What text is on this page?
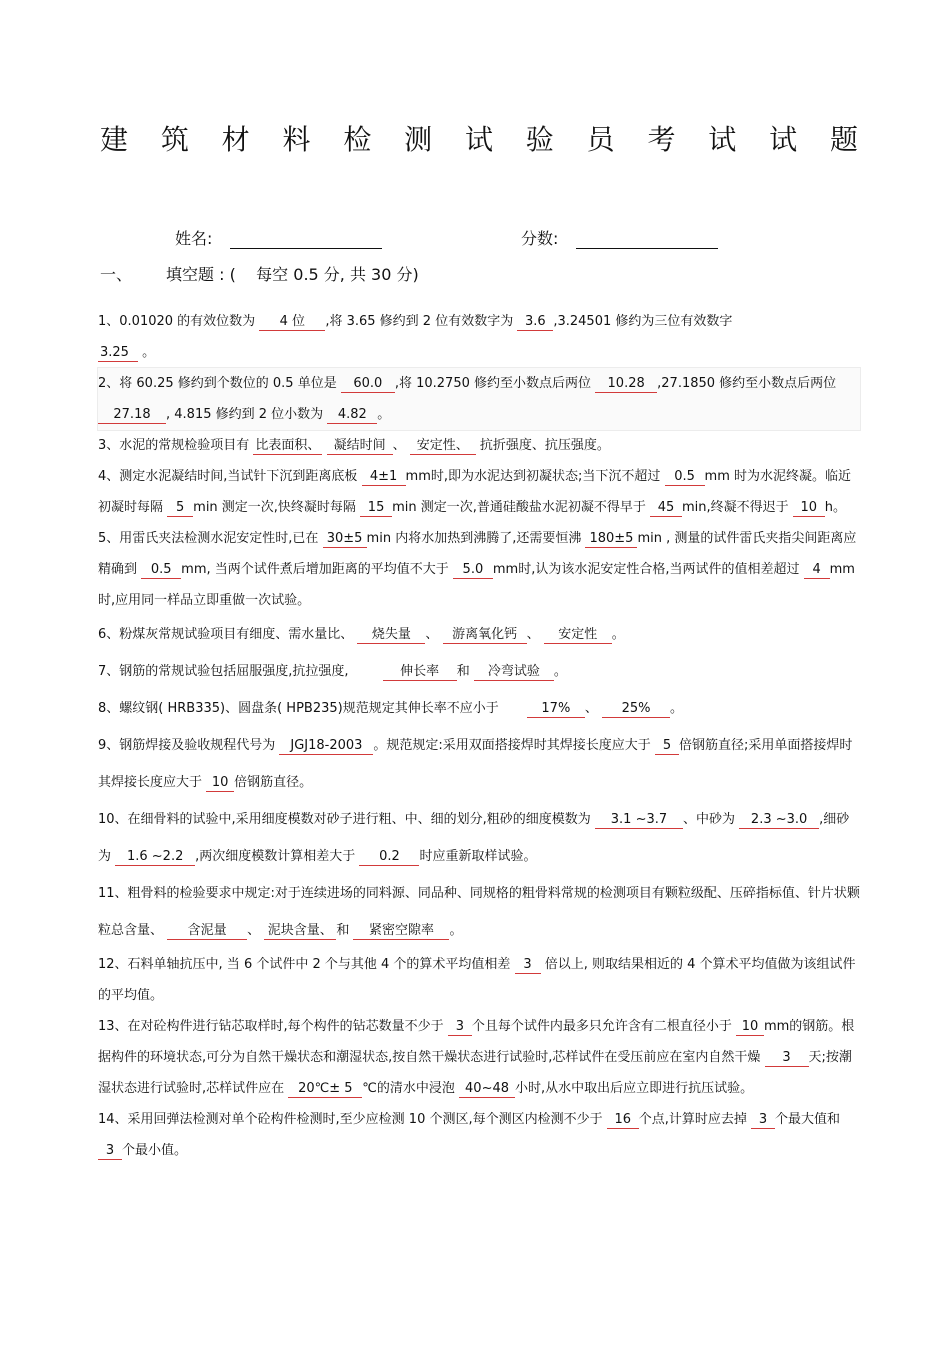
建 筑 材 料 检 测 试 验 员 考 试 试 题
姓名:	分数:
一、 填空题 : ( 每空 0.5 分, 共 30 分)

1、0.01020 的有效位数为 4 位 ,将 3.65 修约到 2 位有效数字为 3.6 ,3.24501 修约为三位有效数字
3.25 。

2、将 60.25 修约到个数位的 0.5 单位是 60.0 ,将 10.2750 修约至小数点后两位 10.28 ,27.1850 修约至小数点后两位 27.18 , 4.815 修约到 2 位小数为 4.82 。

3、水泥的常规检验项目有 比表面积、 凝结时间 、 安定性、 抗折强度、抗压强度。

4、测定水泥凝结时间,当试针下沉到距离底板 4±1 mm时,即为水泥达到初凝状态;当下沉不超过 0.5 mm 时为水泥终凝。临近初凝时每隔 5 min 测定一次,快终凝时每隔 15 min 测定一次,普通硅酸盐水泥初凝不得早于 45 min,终凝不得迟于 10 h。

5、用雷氏夹法检测水泥安定性时,已在 30±5 min 内将水加热到沸腾了,还需要恒沸 180±5 min , 测量的试件雷氏夹指尖间距离应精确到 0.5 mm, 当两个试件煮后增加距离的平均值不大于 5.0 mm时,认为该水泥安定性合格,当两试件的值相差超过 4 mm时,应用同一样品立即重做一次试验。

6、粉煤灰常规试验项目有细度、需水量比、 烧失量 、 游离氧化钙 、 安定性 。

7、钢筋的常规试验包括屈服强度,抗拉强度,	伸长率 和 冷弯试验 。

8、螺纹钢( HRB335)、圆盘条( HPB235)规范规定其伸长率不应小于	17% 、 25% 。

9、钢筋焊接及验收规程代号为 JGJ18-2003 。规范规定:采用双面搭接焊时其焊接长度应大于 5 倍钢筋直径;采用单面搭接焊时其焊接长度应大于 10 倍钢筋直径。

10、在细骨料的试验中,采用细度模数对砂子进行粗、中、细的划分,粗砂的细度模数为 3.1 ~3.7 、中砂为 2.3 ~3.0 ,细砂为 1.6 ~2.2 ,两次细度模数计算相差大于 0.2 时应重新取样试验。

11、粗骨料的检验要求中规定:对于连续进场的同料源、同品种、同规格的粗骨料常规的检测项目有颗粒级配、压碎指标值、针片状颗粒总含量、 含泥量 、 泥块含量、 和 紧密空隙率 。

12、石料单轴抗压中, 当 6 个试件中 2 个与其他 4 个的算术平均值相差 3 倍以上, 则取结果相近的 4 个算术平均值做为该组试件的平均值。

13、在对砼构件进行钻芯取样时,每个构件的钻芯数量不少于 3 个且每个试件内最多只允许含有二根直径小于 10 mm的钢筋。根据构件的环境状态,可分为自然干燥状态和潮湿状态,按自然干燥状态进行试验时,芯样试件在受压前应在室内自然干燥 3 天;按潮湿状态进行试验时,芯样试件应在 20℃± 5 ℃的清水中浸泡 40~48 小时,从水中取出后应立即进行抗压试验。

14、采用回弹法检测对单个砼构件检测时,至少应检测 10 个测区,每个测区内检测不少于 16 个点,计算时应去掉 3 个最大值和 3 个最小值。
